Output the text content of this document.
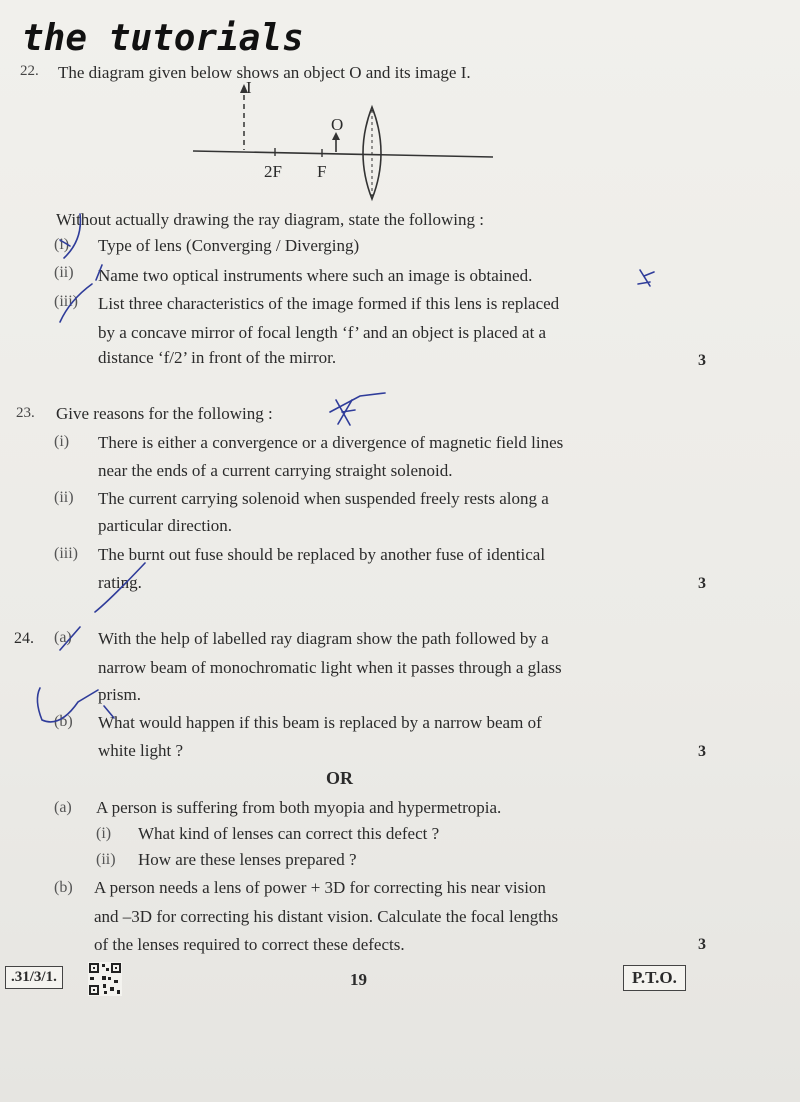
the tutorials
22. The diagram given below shows an object O and its image I.
I
O
2F F
Without actually drawing the ray diagram, state the following :
(i) Type of lens (Converging / Diverging)
(ii) Name two optical instruments where such an image is obtained.
(iii) List three characteristics of the image formed if this lens is replaced
by a concave mirror of focal length ‘f’ and an object is placed at a
distance ‘f/2’ in front of the mirror.	3
23. Give reasons for the following :
(i) There is either a convergence or a divergence of magnetic field lines
near the ends of a current carrying straight solenoid.
(ii) The current carrying solenoid when suspended freely rests along a
particular direction.
(iii) The burnt out fuse should be replaced by another fuse of identical
rating.	3
24. (a) With the help of labelled ray diagram show the path followed by a
narrow beam of monochromatic light when it passes through a glass
prism.
(b) What would happen if this beam is replaced by a narrow beam of
white light ?	3
OR
(a) A person is suffering from both myopia and hypermetropia.
(i) What kind of lenses can correct this defect ?
(ii) How are these lenses prepared ?
(b) A person needs a lens of power + 3D for correcting his near vision
and –3D for correcting his distant vision. Calculate the focal lengths
of the lenses required to correct these defects.	3
.31/3/1.	19	P.T.O.
